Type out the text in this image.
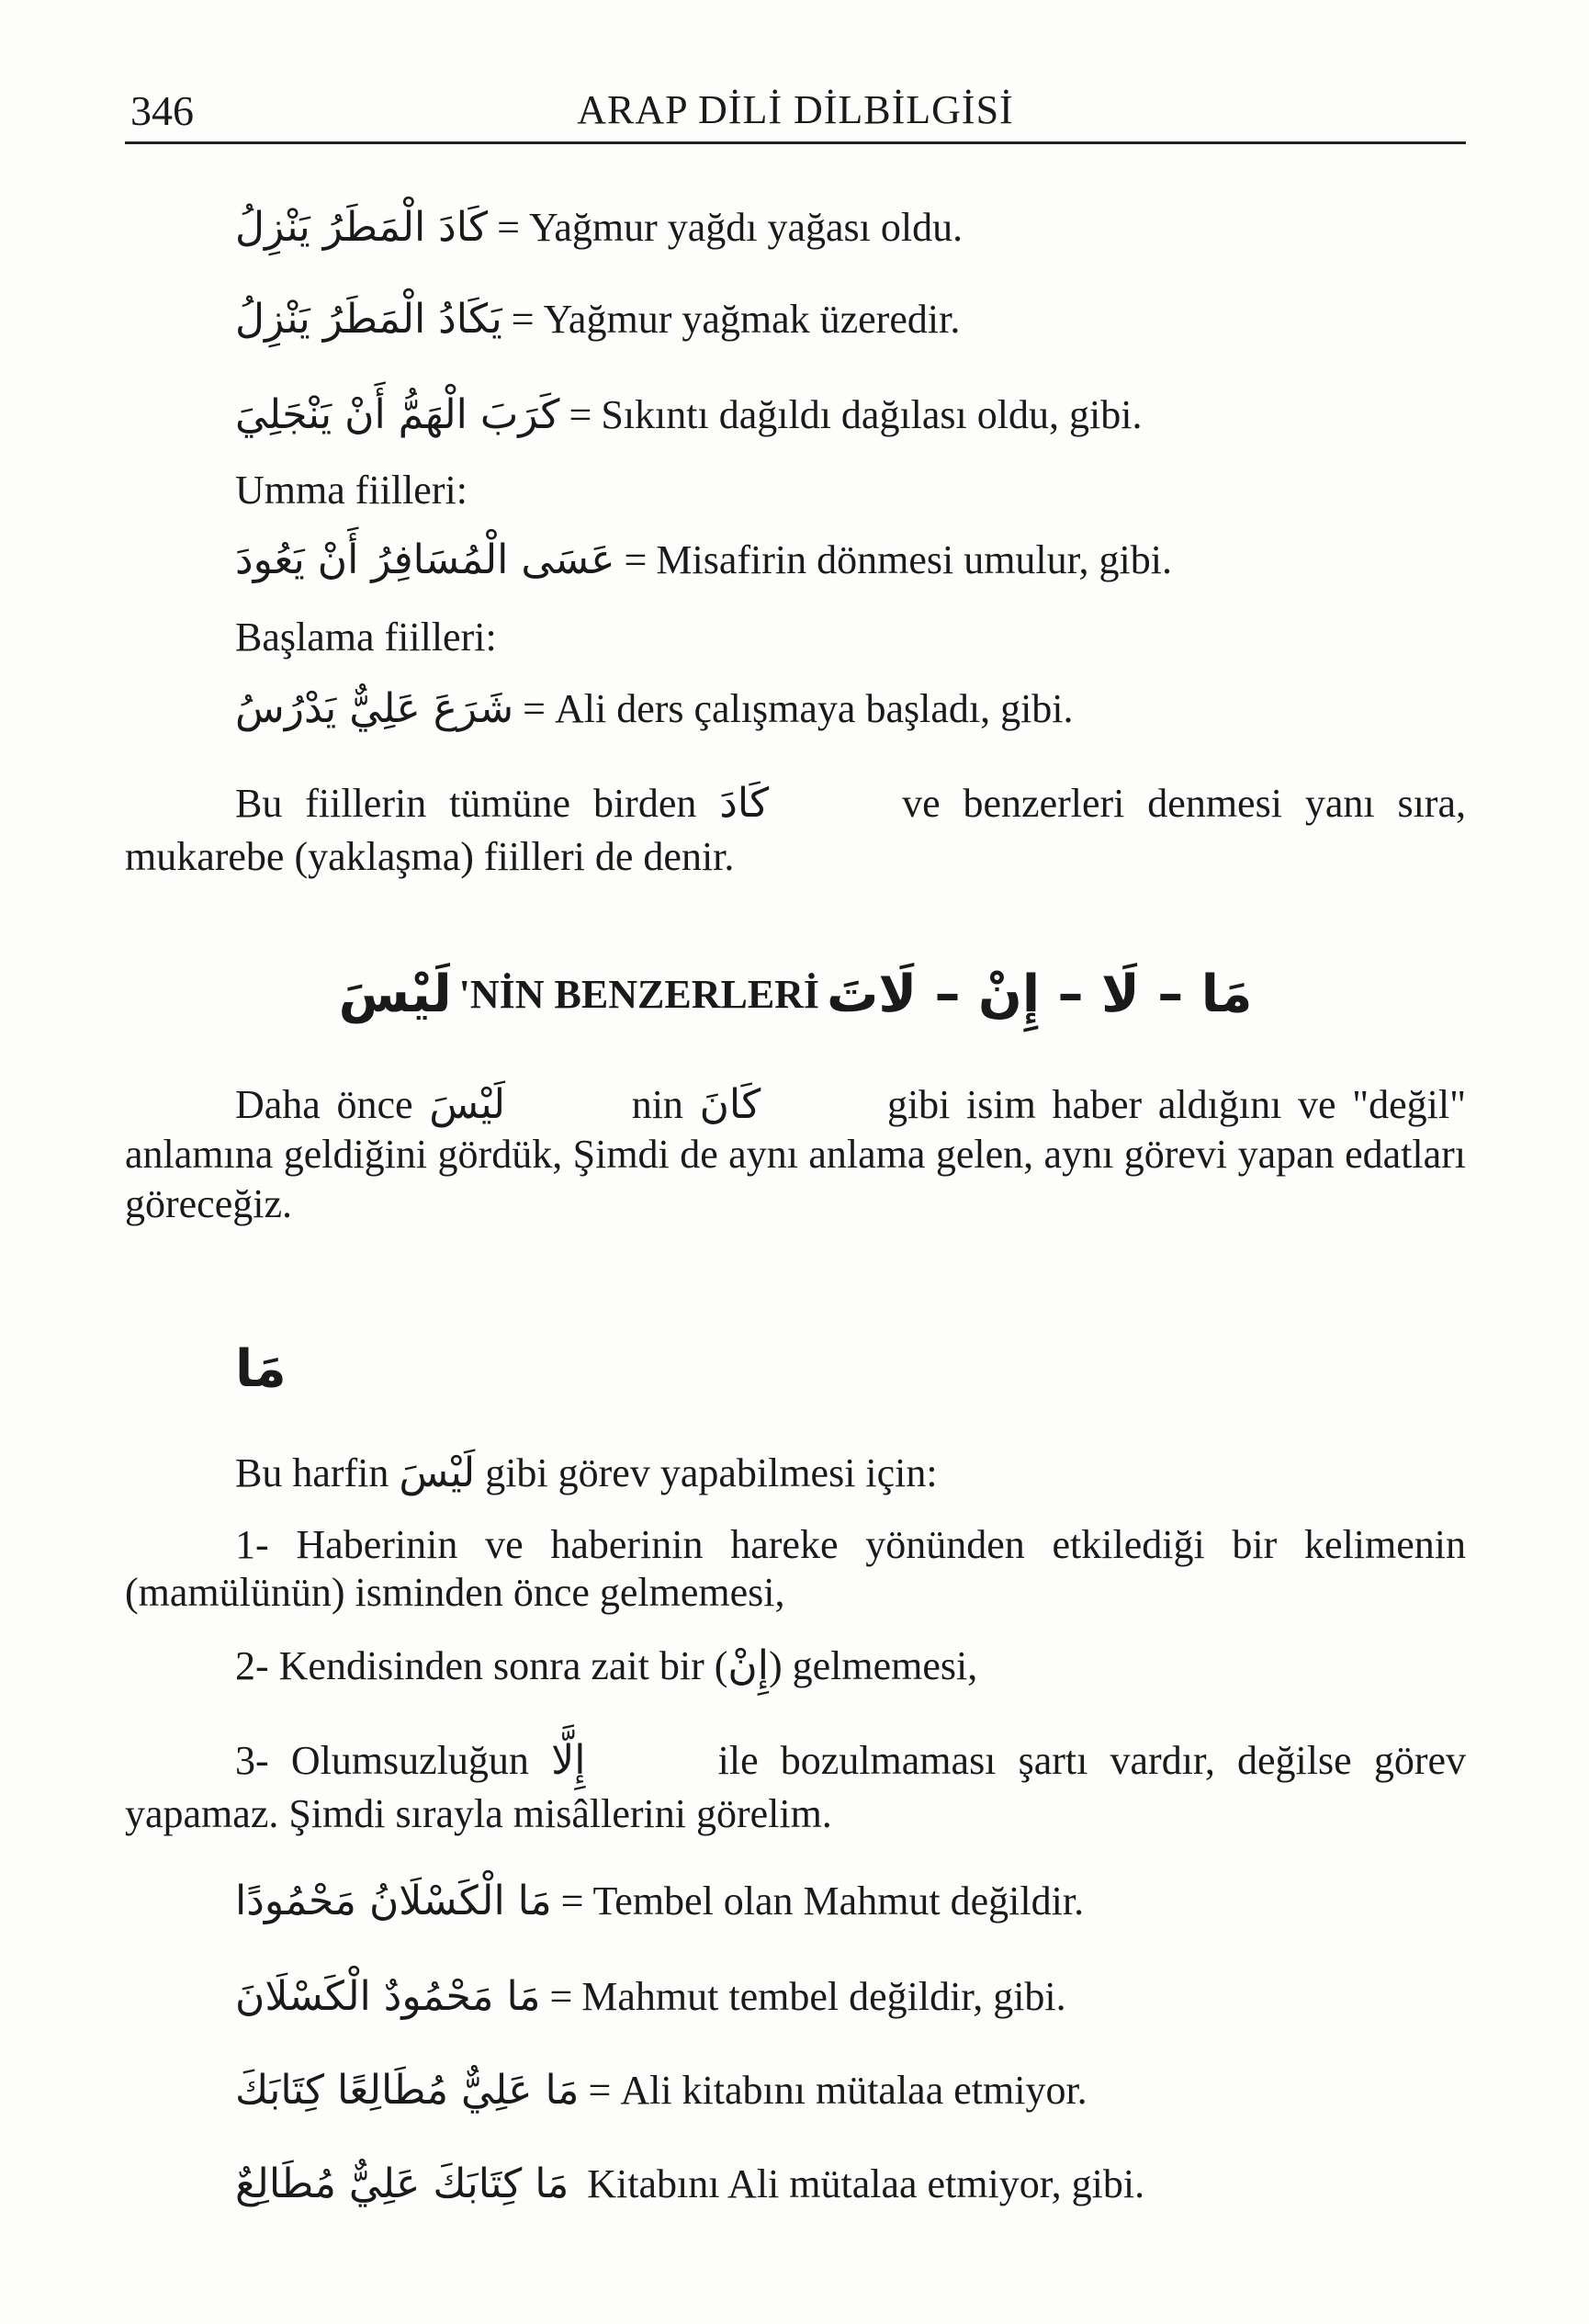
346	ARAP DİLİ DİLBİLGİSİ
كَادَ الْمَطَرُ يَنْزِلُ = Yağmur yağdı yağası oldu.
يَكَادُ الْمَطَرُ يَنْزِلُ = Yağmur yağmak üzeredir.
كَرَبَ الْهَمُّ أَنْ يَنْجَلِيَ = Sıkıntı dağıldı dağılası oldu, gibi.
Umma fiilleri:
عَسَى الْمُسَافِرُ أَنْ يَعُودَ = Misafirin dönmesi umulur, gibi.
Başlama fiilleri:
شَرَعَ عَلِيٌّ يَدْرُسُ = Ali ders çalışmaya başladı, gibi.
Bu fiillerin tümüne birden كَادَ	ve benzerleri denmesi yanı sıra, mukarebe (yaklaşma) fiilleri de denir.
لَيْسَ 'NİN BENZERLERİ مَا – لَا – إِنْ – لَاتَ
Daha önce لَيْسَ	nin كَانَ	gibi isim haber aldığını ve "değil" anlamına geldiğini gördük, Şimdi de aynı anlama gelen, aynı görevi yapan edatları göreceğiz.
مَا
Bu harfin لَيْسَ gibi görev yapabilmesi için:
1- Haberinin ve haberinin hareke yönünden etkilediği bir kelimenin (mamülünün) isminden önce gelmemesi,
2- Kendisinden sonra zait bir (إِنْ) gelmemesi,
3- Olumsuzluğun إِلَّا	ile bozulmaması şartı vardır, değilse görev yapamaz. Şimdi sırayla misâllerini görelim.
مَا الْكَسْلَانُ مَحْمُودًا = Tembel olan Mahmut değildir.
مَا مَحْمُودٌ الْكَسْلَانَ = Mahmut tembel değildir, gibi.
مَا عَلِيٌّ مُطَالِعًا كِتَابَكَ = Ali kitabını mütalaa etmiyor.
مَا كِتَابَكَ عَلِيٌّ مُطَالِعٌ Kitabını Ali mütalaa etmiyor, gibi.
